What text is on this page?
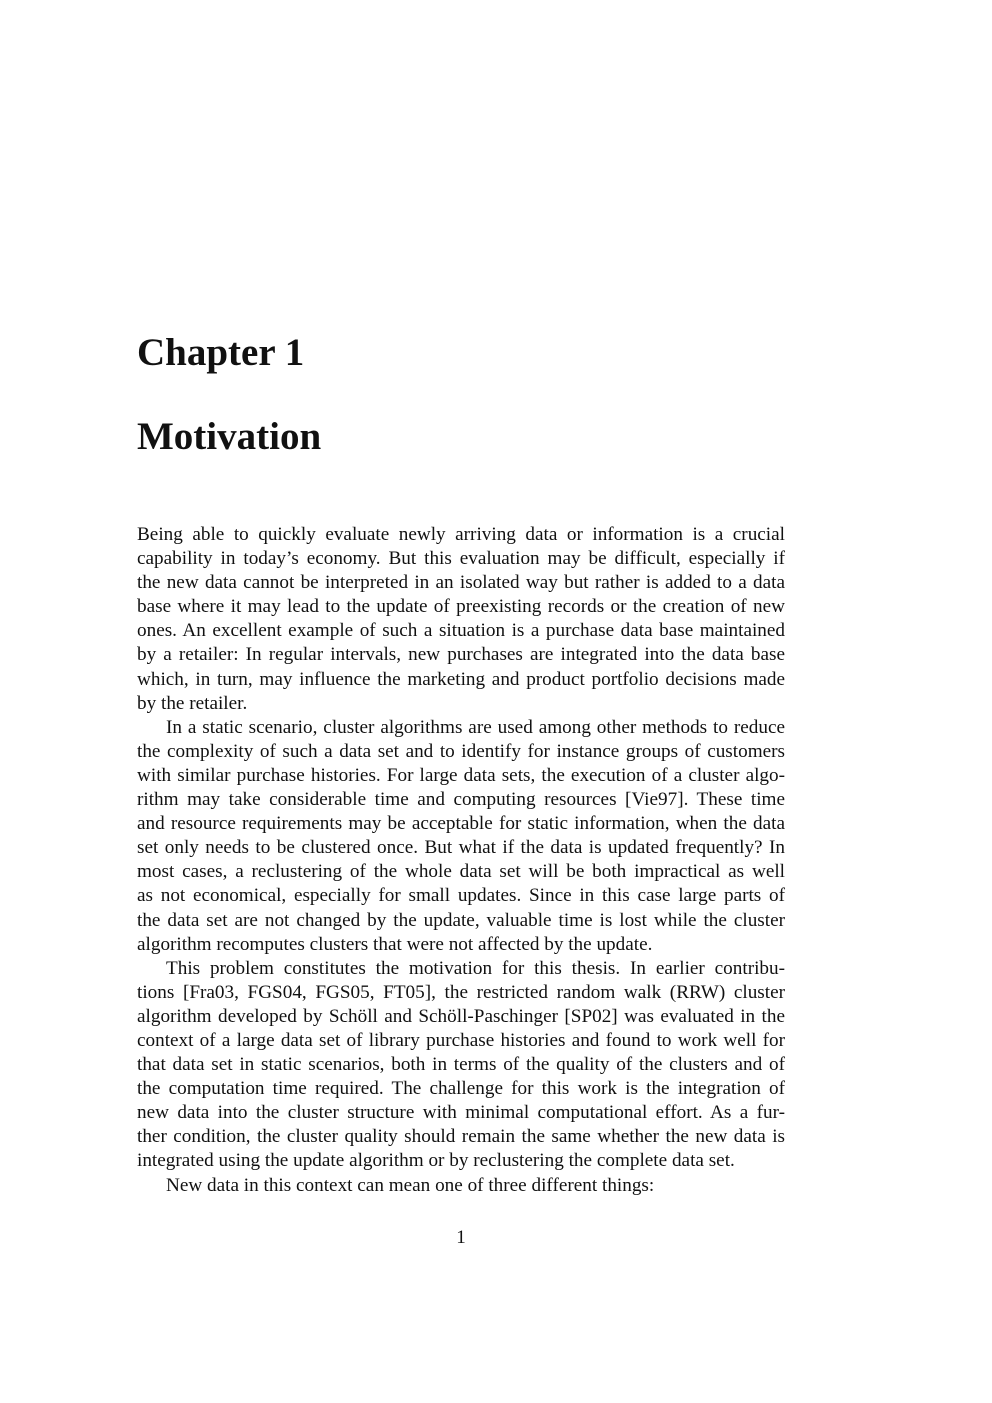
Chapter 1
Motivation
Being able to quickly evaluate newly arriving data or information is a crucial
capability in today’s economy. But this evaluation may be difficult, especially if
the new data cannot be interpreted in an isolated way but rather is added to a data
base where it may lead to the update of preexisting records or the creation of new
ones. An excellent example of such a situation is a purchase data base maintained
by a retailer: In regular intervals, new purchases are integrated into the data base
which, in turn, may influence the marketing and product portfolio decisions made
by the retailer.
In a static scenario, cluster algorithms are used among other methods to reduce
the complexity of such a data set and to identify for instance groups of customers
with similar purchase histories. For large data sets, the execution of a cluster algo-
rithm may take considerable time and computing resources [Vie97]. These time
and resource requirements may be acceptable for static information, when the data
set only needs to be clustered once. But what if the data is updated frequently? In
most cases, a reclustering of the whole data set will be both impractical as well
as not economical, especially for small updates. Since in this case large parts of
the data set are not changed by the update, valuable time is lost while the cluster
algorithm recomputes clusters that were not affected by the update.
This problem constitutes the motivation for this thesis. In earlier contribu-
tions [Fra03, FGS04, FGS05, FT05], the restricted random walk (RRW) cluster
algorithm developed by Schöll and Schöll-Paschinger [SP02] was evaluated in the
context of a large data set of library purchase histories and found to work well for
that data set in static scenarios, both in terms of the quality of the clusters and of
the computation time required. The challenge for this work is the integration of
new data into the cluster structure with minimal computational effort. As a fur-
ther condition, the cluster quality should remain the same whether the new data is
integrated using the update algorithm or by reclustering the complete data set.
New data in this context can mean one of three different things:
1
